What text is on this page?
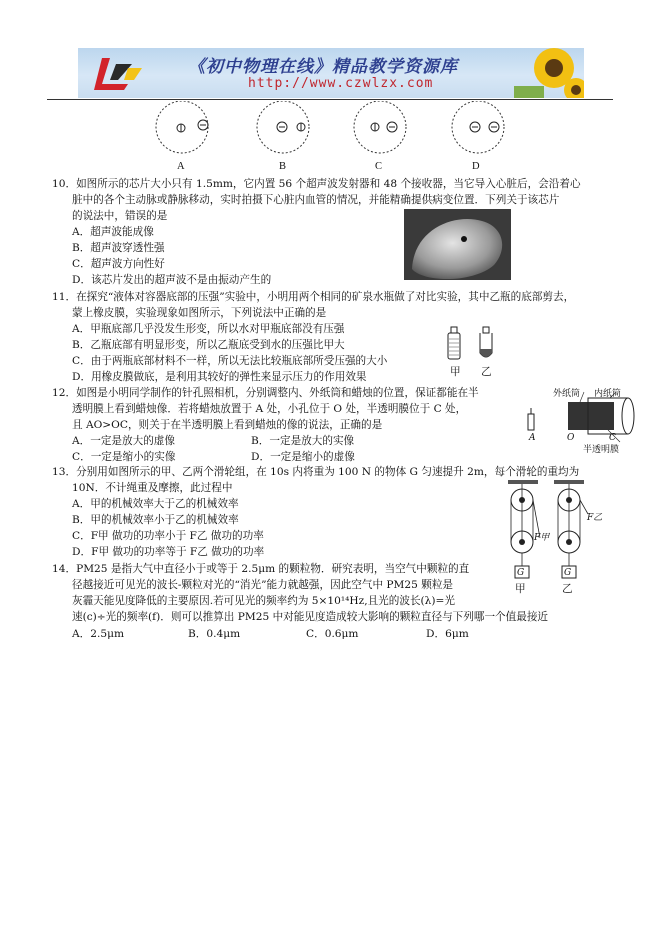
《初中物理在线》精品教学资源库
http://www.czwlzx.com
A	B	C	D
10．如图所示的芯片大小只有 1.5mm，它内置 56 个超声波发射器和 48 个接收器，当它导入心脏后，会沿着心
脏中的各个主动脉或静脉移动，实时拍摄下心脏内血管的情况，并能精确提供病变位置．下列关于该芯片
的说法中，错误的是
A．超声波能成像
B．超声波穿透性强
C．超声波方向性好
D．该芯片发出的超声波不是由振动产生的
11．在探究“液体对容器底部的压强”实验中，小明用两个相同的矿泉水瓶做了对比实验，其中乙瓶的底部剪去，
蒙上橡皮膜，实验现象如图所示，下列说法中正确的是
A．甲瓶底部几乎没发生形变，所以水对甲瓶底部没有压强
B．乙瓶底部有明显形变，所以乙瓶底受到水的压强比甲大
C．由于两瓶底部材料不一样，所以无法比较瓶底部所受压强的大小
D．用橡皮膜做底，是利用其较好的弹性来显示压力的作用效果	甲 乙
12．如图是小明同学制作的针孔照相机，分别调整内、外纸筒和蜡烛的位置，保证都能在半
透明膜上看到蜡烛像．若将蜡烛放置于 A 处，小孔位于 O 处，半透明膜位于 C 处，
且 AO>OC，则关于在半透明膜上看到蜡烛的像的说法，正确的是
A．一定是放大的虚像	B．一定是放大的实像
C．一定是缩小的实像	D．一定是缩小的虚像
外纸筒 内纸筒
A	O	C
半透明膜
13．分别用如图所示的甲、乙两个滑轮组，在 10s 内将重为 100 N 的物体 G 匀速提升 2m，每个滑轮的重均为
10N．不计绳重及摩擦，此过程中
A．甲的机械效率大于乙的机械效率
B．甲的机械效率小于乙的机械效率
C．F甲 做功的功率小于 F乙 做功的功率
D．F甲 做功的功率等于 F乙 做功的功率
F甲
F乙
G	G
甲	乙
14．PM25 是指大气中直径小于或等于 2.5μm 的颗粒物．研究表明，当空气中颗粒的直
径越接近可见光的波长-颗粒对光的“消光”能力就越强，因此空气中 PM25 颗粒是
灰霾天能见度降低的主要原因.若可见光的频率约为 5×10¹⁴Hz,且光的波长(λ)=光
速(c)÷光的频率(f)．则可以推算出 PM25 中对能见度造成较大影响的颗粒直径与下列哪一个值最接近
A．2.5μm	B．0.4μm	C．0.6μm	D．6μm
